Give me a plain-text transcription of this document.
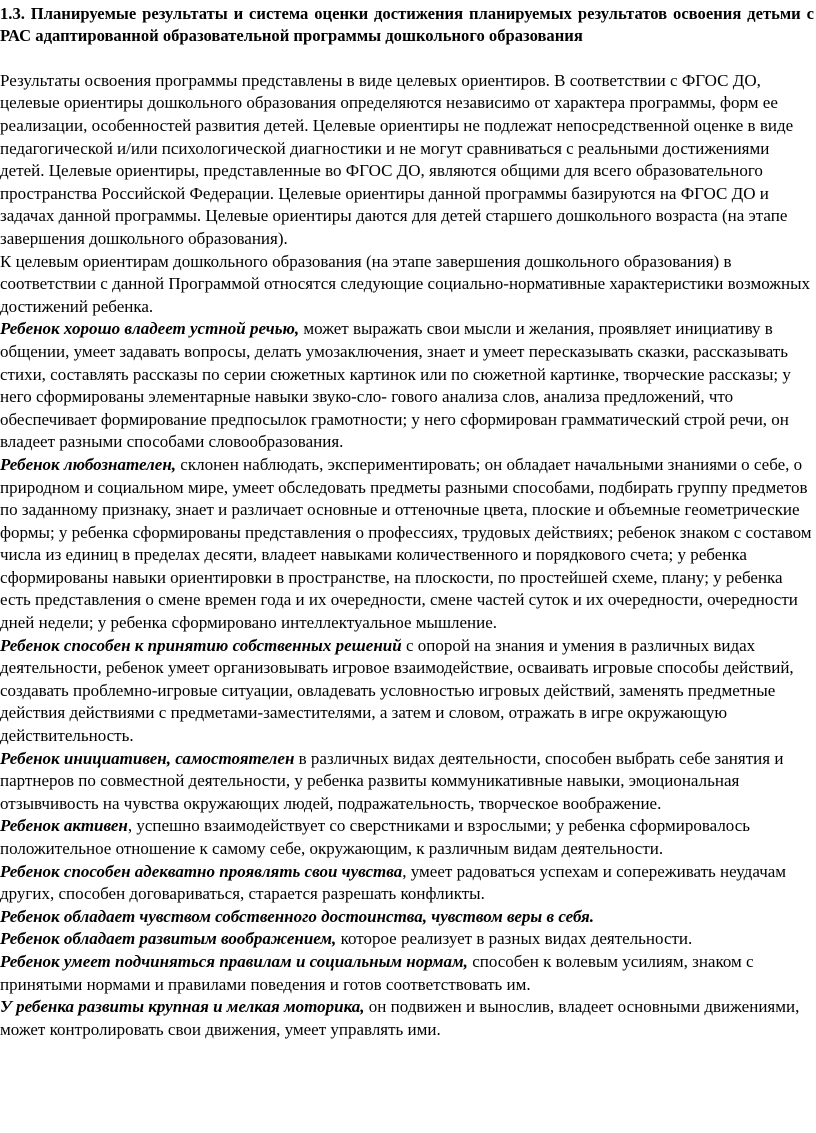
1.3. Планируемые результаты и система оценки достижения планируемых результатов освоения детьми с РАС адаптированной образовательной программы дошкольного образования

Результаты освоения программы представлены в виде целевых ориентиров. В соответствии с ФГОС ДО, целевые ориентиры дошкольного образования определяются независимо от характера программы, форм ее реализации, особенностей развития детей. Целевые ориентиры не подлежат непосредственной оценке в виде педагогической и/или психологической диагностики и не могут сравниваться с реальными достижениями детей. Целевые ориентиры, представленные во ФГОС ДО, являются общими для всего образовательного пространства Российской Федерации. Целевые ориентиры данной программы базируются на ФГОС ДО и задачах данной программы. Целевые ориентиры даются для детей старшего дошкольного возраста (на этапе завершения дошкольного образования).

К целевым ориентирам дошкольного образования (на этапе завершения дошкольного образования) в соответствии с данной Программой относятся следующие социально-нормативные характеристики возможных достижений ребенка.

Ребенок хорошо владеет устной речью, может выражать свои мысли и желания, проявляет инициативу в общении, умеет задавать вопросы, делать умозаключения, знает и умеет пересказывать сказки, рассказывать стихи, составлять рассказы по серии сюжетных картинок или по сюжетной картинке, творческие рассказы; у него сформированы элементарные навыки звуко-сло- гового анализа слов, анализа предложений, что обеспечивает формирование предпосылок грамотности; у него сформирован грамматический строй речи, он владеет разными способами словообразования.

Ребенок любознателен, склонен наблюдать, экспериментировать; он обладает начальными знаниями о себе, о природном и социальном мире, умеет обследовать предметы разными способами, подбирать группу предметов по заданному признаку, знает и различает основные и оттеночные цвета, плоские и объемные геометрические формы; у ребенка сформированы представления о профессиях, трудовых действиях; ребенок знаком с составом числа из единиц в пределах десяти, владеет навыками количественного и порядкового счета; у ребенка сформированы навыки ориентировки в пространстве, на плоскости, по простейшей схеме, плану; у ребенка есть представления о смене времен года и их очередности, смене частей суток и их очередности, очередности дней недели; у ребенка сформировано интеллектуальное мышление.

Ребенок способен к принятию собственных решений с опорой на знания и умения в различных видах деятельности, ребенок умеет организовывать игровое взаимодействие, осваивать игровые способы действий, создавать проблемно-игровые ситуации, овладевать условностью игровых действий, заменять предметные действия действиями с предметами-заместителями, а затем и словом, отражать в игре окружающую действительность.

Ребенок инициативен, самостоятелен в различных видах деятельности, способен выбрать себе занятия и партнеров по совместной деятельности, у ребенка развиты коммуникативные навыки, эмоциональная отзывчивость на чувства окружающих людей, подражательность, творческое воображение.

Ребенок активен, успешно взаимодействует со сверстниками и взрослыми; у ребенка сформировалось положительное отношение к самому себе, окружающим, к различным видам деятельности.

Ребенок способен адекватно проявлять свои чувства, умеет радоваться успехам и сопереживать неудачам других, способен договариваться, старается разрешать конфликты.

Ребенок обладает чувством собственного достоинства, чувством веры в себя.

Ребенок обладает развитым воображением, которое реализует в разных видах деятельности.

Ребенок умеет подчиняться правилам и социальным нормам, способен к волевым усилиям, знаком с принятыми нормами и правилами поведения и готов соответствовать им.

У ребенка развиты крупная и мелкая моторика, он подвижен и вынослив, владеет основными движениями, может контролировать свои движения, умеет управлять ими.
